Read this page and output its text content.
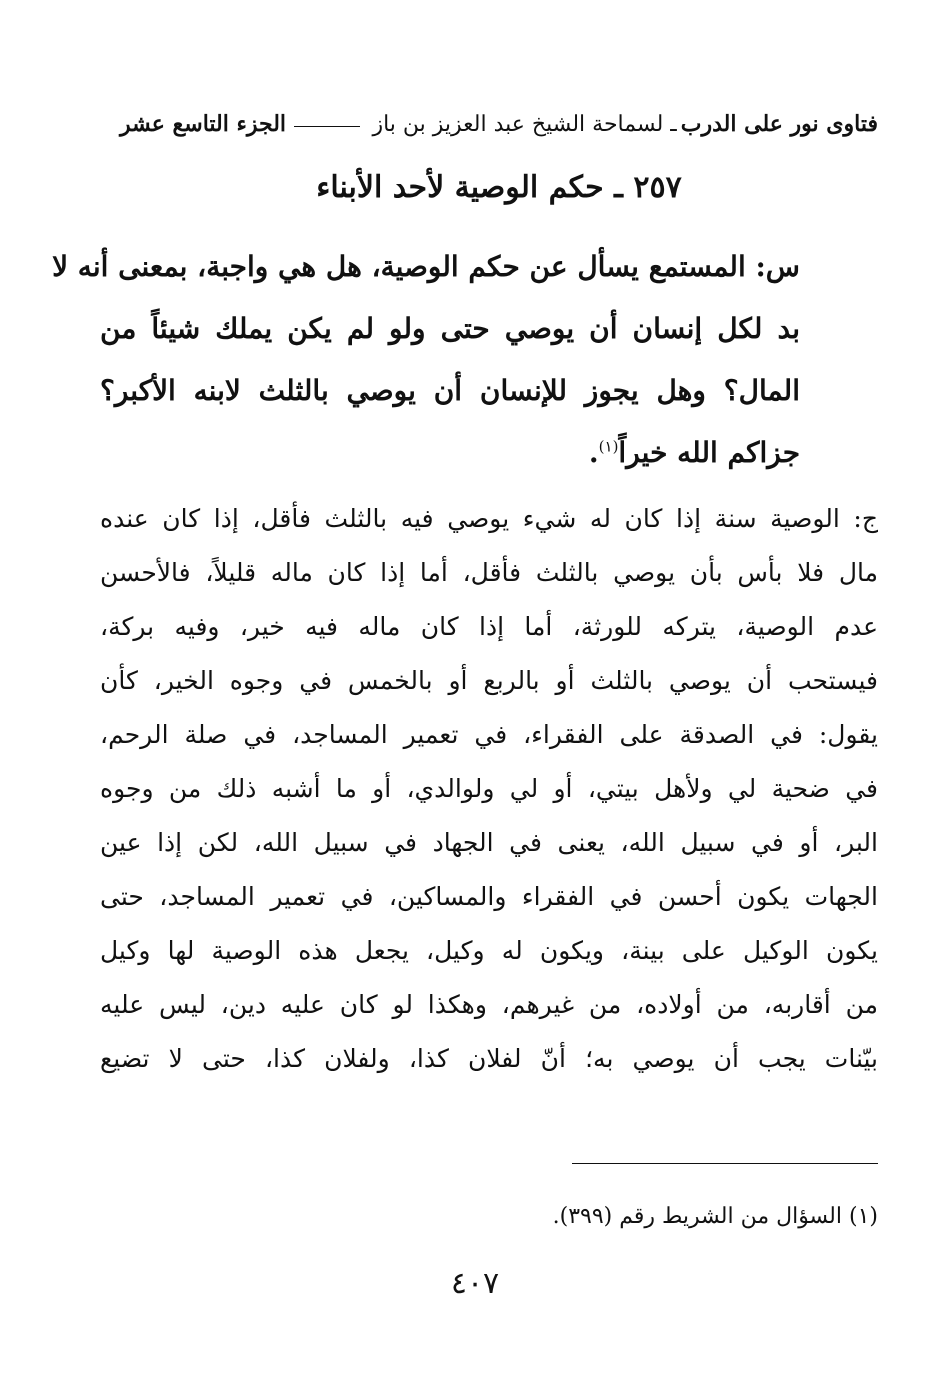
فتاوى نور على الدرب
ـ لسماحة الشيخ عبد العزيز بن باز
الجزء التاسع عشر
٢٥٧ ـ حكم الوصية لأحد الأبناء
س: المستمع يسأل عن حكم الوصية، هل هي واجبة، بمعنى أنه لا
بد لكل إنسان أن يوصي حتى ولو لم يكن يملك شيئاً من
المال؟ وهل يجوز للإنسان أن يوصي بالثلث لابنه الأكبر؟
جزاكم الله خيراً$^{(١)}$.
ج: الوصية سنة إذا كان له شيء يوصي فيه بالثلث فأقل، إذا كان عنده
مال فلا بأس بأن يوصي بالثلث فأقل، أما إذا كان ماله قليلاً، فالأحسن
عدم الوصية، يتركه للورثة، أما إذا كان ماله فيه خير، وفيه بركة،
فيستحب أن يوصي بالثلث أو بالربع أو بالخمس في وجوه الخير، كأن
يقول: في الصدقة على الفقراء، في تعمير المساجد، في صلة الرحم،
في ضحية لي ولأهل بيتي، أو لي ولوالدي، أو ما أشبه ذلك من وجوه
البر، أو في سبيل الله، يعنى في الجهاد في سبيل الله، لكن إذا عين
الجهات يكون أحسن في الفقراء والمساكين، في تعمير المساجد، حتى
يكون الوكيل على بينة، ويكون له وكيل، يجعل هذه الوصية لها وكيل
من أقاربه، من أولاده، من غيرهم، وهكذا لو كان عليه دين، ليس عليه
بيّنات يجب أن يوصي به؛ أنّ لفلان كذا، ولفلان كذا، حتى لا تضيع
(١) السؤال من الشريط رقم (٣٩٩).
٤٠٧
